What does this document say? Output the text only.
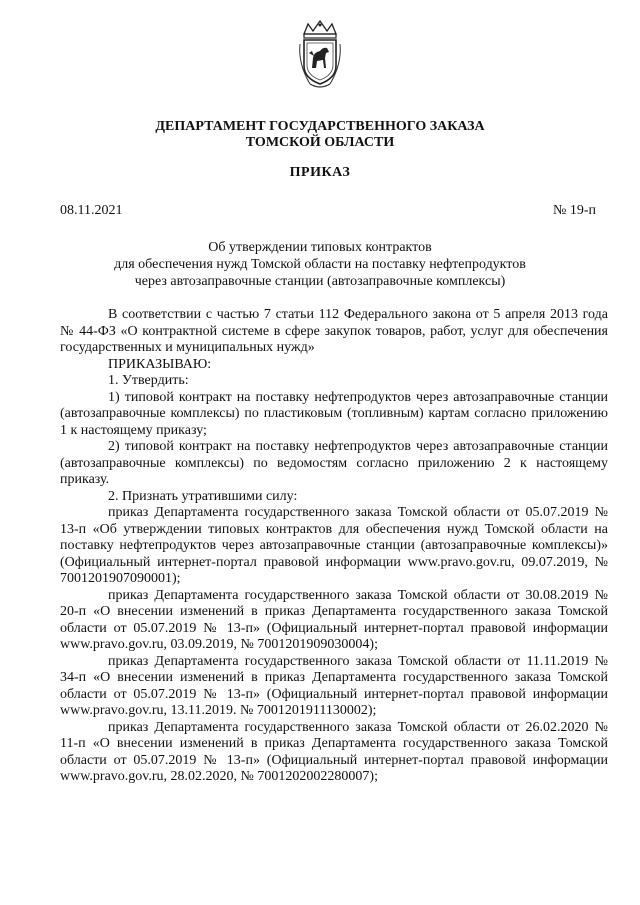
ДЕПАРТАМЕНТ ГОСУДАРСТВЕННОГО ЗАКАЗА
ТОМСКОЙ ОБЛАСТИ
ПРИКАЗ
08.11.2021	№ 19-п
Об утверждении типовых контрактов
для обеспечения нужд Томской области на поставку нефтепродуктов
через автозаправочные станции (автозаправочные комплексы)

В соответствии с частью 7 статьи 112 Федерального закона от 5 апреля 2013 года № 44-ФЗ «О контрактной системе в сфере закупок товаров, работ, услуг для обеспечения государственных и муниципальных нужд»

ПРИКАЗЫВАЮ:

1. Утвердить:

1) типовой контракт на поставку нефтепродуктов через автозаправочные станции (автозаправочные комплексы) по пластиковым (топливным) картам согласно приложению 1 к настоящему приказу;

2) типовой контракт на поставку нефтепродуктов через автозаправочные станции (автозаправочные комплексы) по ведомостям согласно приложению 2 к настоящему приказу.

2. Признать утратившими силу:

приказ Департамента государственного заказа Томской области от 05.07.2019 № 13-п «Об утверждении типовых контрактов для обеспечения нужд Томской области на поставку нефтепродуктов через автозаправочные станции (автозаправочные комплексы)» (Официальный интернет-портал правовой информации www.pravo.gov.ru, 09.07.2019, № 7001201907090001);

приказ Департамента государственного заказа Томской области от 30.08.2019 № 20-п «О внесении изменений в приказ Департамента государственного заказа Томской области от 05.07.2019 № 13-п» (Официальный интернет-портал правовой информации www.pravo.gov.ru, 03.09.2019, № 7001201909030004);

приказ Департамента государственного заказа Томской области от 11.11.2019 № 34-п «О внесении изменений в приказ Департамента государственного заказа Томской области от 05.07.2019 № 13-п» (Официальный интернет-портал правовой информации www.pravo.gov.ru, 13.11.2019. № 7001201911130002);

приказ Департамента государственного заказа Томской области от 26.02.2020 № 11-п «О внесении изменений в приказ Департамента государственного заказа Томской области от 05.07.2019 № 13-п» (Официальный интернет-портал правовой информации www.pravo.gov.ru, 28.02.2020, № 7001202002280007);
